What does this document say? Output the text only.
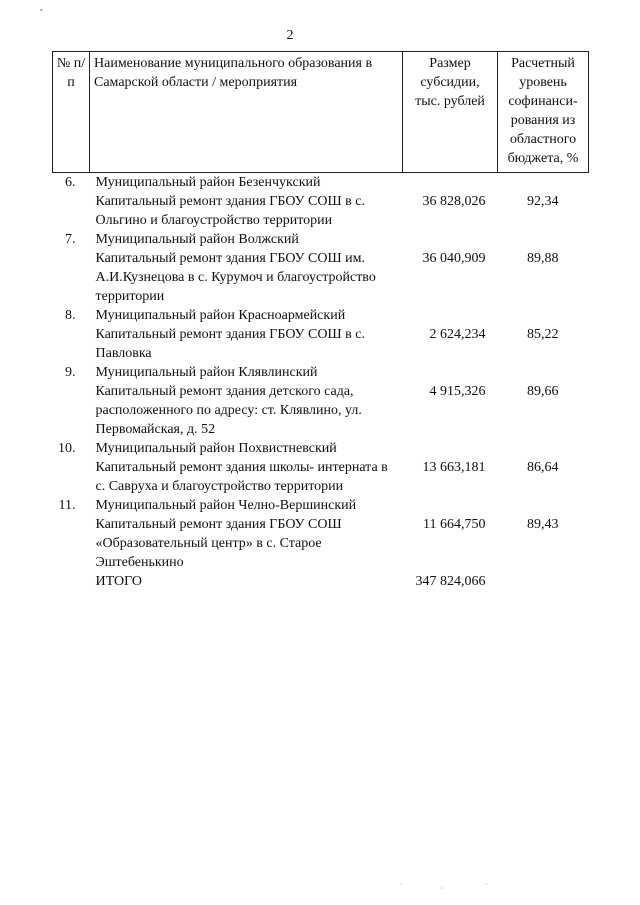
2
№ п/п	Наименование муниципального образования в Самарской области / мероприятия	Размер субсидии, тыс. рублей	Расчетный уровень софинанси-рования из областного бюджета, %
6.	Муниципальный район Безенчукский		
	Капитальный ремонт здания ГБОУ СОШ в с. Ольгино и благоустройство территории	36 828,026	92,34
7.	Муниципальный район Волжский		
	Капитальный ремонт здания ГБОУ СОШ им. А.И.Кузнецова в с. Курумоч и благоустройство территории	36 040,909	89,88
8.	Муниципальный район Красноармейский		
	Капитальный ремонт здания ГБОУ СОШ в с. Павловка	2 624,234	85,22
9.	Муниципальный район Клявлинский		
	Капитальный ремонт здания детского сада, расположенного по адресу: ст. Клявлино, ул. Первомайская, д. 52	4 915,326	89,66
10.	Муниципальный район Похвистневский		
	Капитальный ремонт здания школы- интерната в с. Савруха и благоустройство территории	13 663,181	86,64
11.	Муниципальный район Челно-Вершинский		
	Капитальный ремонт здания ГБОУ СОШ «Образовательный центр» в с. Старое Эштебенькино	11 664,750	89,43
	ИТОГО	347 824,066	
•
·	·	·
